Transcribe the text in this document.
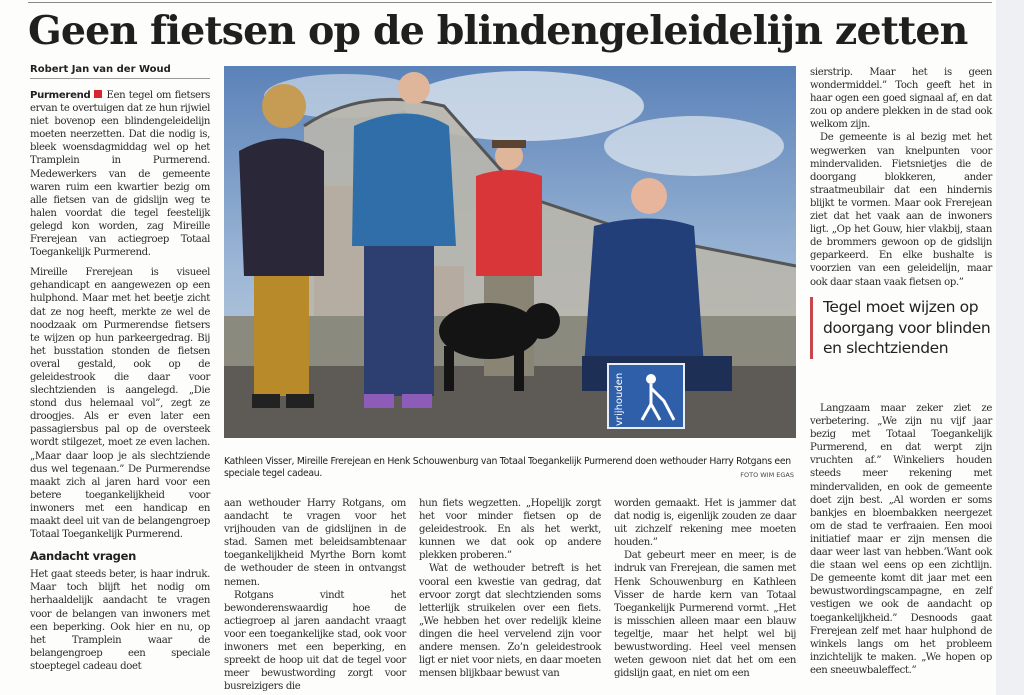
Geen fietsen op de blindengeleidelijn zetten
Robert Jan van der Woud

Purmerend Een tegel om fietsers ervan te overtuigen dat ze hun rijwiel niet bovenop een blindengeleidelijn moeten neerzetten. Dat die nodig is, bleek woensdagmiddag wel op het Tramplein in Purmerend. Medewerkers van de gemeente waren ruim een kwartier bezig om alle fietsen van de gidslijn weg te halen voordat die tegel feestelijk gelegd kon worden, zag Mireille Frerejean van actiegroep Totaal Toegankelijk Purmerend.

Mireille Frerejean is visueel gehandicapt en aangewezen op een hulphond. Maar met het beetje zicht dat ze nog heeft, merkte ze wel de noodzaak om Purmerendse fietsers te wijzen op hun parkeergedrag. Bij het busstation stonden de fietsen overal gestald, ook op de geleidestrook die daar voor slechtzienden is aangelegd. „Die stond dus helemaal vol”, zegt ze droogjes. Als er even later een passagiersbus pal op de oversteek wordt stilgezet, moet ze even lachen. „Maar daar loop je als slechtziende dus wel tegenaan.” De Purmerendse maakt zich al jaren hard voor een betere toegankelijkheid voor inwoners met een handicap en maakt deel uit van de belangengroep Totaal Toegankelijk Purmerend.

Aandacht vragen

Het gaat steeds beter, is haar indruk. Maar toch blijft het nodig om herhaaldelijk aandacht te vragen voor de belangen van inwoners met een beperking. Ook hier en nu, op het Tramplein waar de belangengroep een speciale stoeptegel cadeau doet

vrijhouden
Kathleen Visser, Mireille Frerejean en Henk Schouwenburg van Totaal Toegankelijk Purmerend doen wethouder Harry Rotgans een speciale tegel cadeau.	FOTO WIM EGAS

aan wethouder Harry Rotgans, om aandacht te vragen voor het vrijhouden van de gidslijnen in de stad. Samen met beleidsambtenaar toegankelijkheid Myrthe Born komt de wethouder de steen in ontvangst nemen.

Rotgans vindt het bewonderenswaardig hoe de actiegroep al jaren aandacht vraagt voor een toegankelijke stad, ook voor inwoners met een beperking, en spreekt de hoop uit dat de tegel voor meer bewustwording zorgt voor busreizigers die

hun fiets wegzetten. „Hopelijk zorgt het voor minder fietsen op de geleidestrook. En als het werkt, kunnen we dat ook op andere plekken proberen.”

Wat de wethouder betreft is het vooral een kwestie van gedrag, dat ervoor zorgt dat slechtzienden soms letterlijk struikelen over een fiets. „We hebben het over redelijk kleine dingen die heel vervelend zijn voor andere mensen. Zo’n geleidestrook ligt er niet voor niets, en daar moeten mensen blijkbaar bewust van

worden gemaakt. Het is jammer dat dat nodig is, eigenlijk zouden ze daar uit zichzelf rekening mee moeten houden.”

Dat gebeurt meer en meer, is de indruk van Frerejean, die samen met Henk Schouwenburg en Kathleen Visser de harde kern van Totaal Toegankelijk Purmerend vormt. „Het is misschien alleen maar een blauw tegeltje, maar het helpt wel bij bewustwording. Heel veel mensen weten gewoon niet dat het om een gidslijn gaat, en niet om een

sierstrip. Maar het is geen wondermiddel.” Toch geeft het in haar ogen een goed signaal af, en dat zou op andere plekken in de stad ook welkom zijn.

De gemeente is al bezig met het wegwerken van knelpunten voor mindervaliden. Fietsnietjes die de doorgang blokkeren, ander straatmeubilair dat een hindernis blijkt te vormen. Maar ook Frerejean ziet dat het vaak aan de inwoners ligt. „Op het Gouw, hier vlakbij, staan de brommers gewoon op de gidslijn geparkeerd. En elke bushalte is voorzien van een geleidelijn, maar ook daar staan vaak fietsen op.”

Tegel moet wijzen op doorgang voor blinden en slechtzienden

Langzaam maar zeker ziet ze verbetering. „We zijn nu vijf jaar bezig met Totaal Toegankelijk Purmerend, en dat werpt zijn vruchten af.” Winkeliers houden steeds meer rekening met mindervaliden, en ook de gemeente doet zijn best. „Al worden er soms bankjes en bloembakken neergezet om de stad te verfraaien. Een mooi initiatief maar er zijn mensen die daar weer last van hebben.’Want ook die staan wel eens op een zichtlijn. De gemeente komt dit jaar met een bewustwordingscampagne, en zelf vestigen we ook de aandacht op toegankelijkheid.” Desnoods gaat Frerejean zelf met haar hulphond de winkels langs om het probleem inzichtelijk te maken. „We hopen op een sneeuwbaleffect.”
